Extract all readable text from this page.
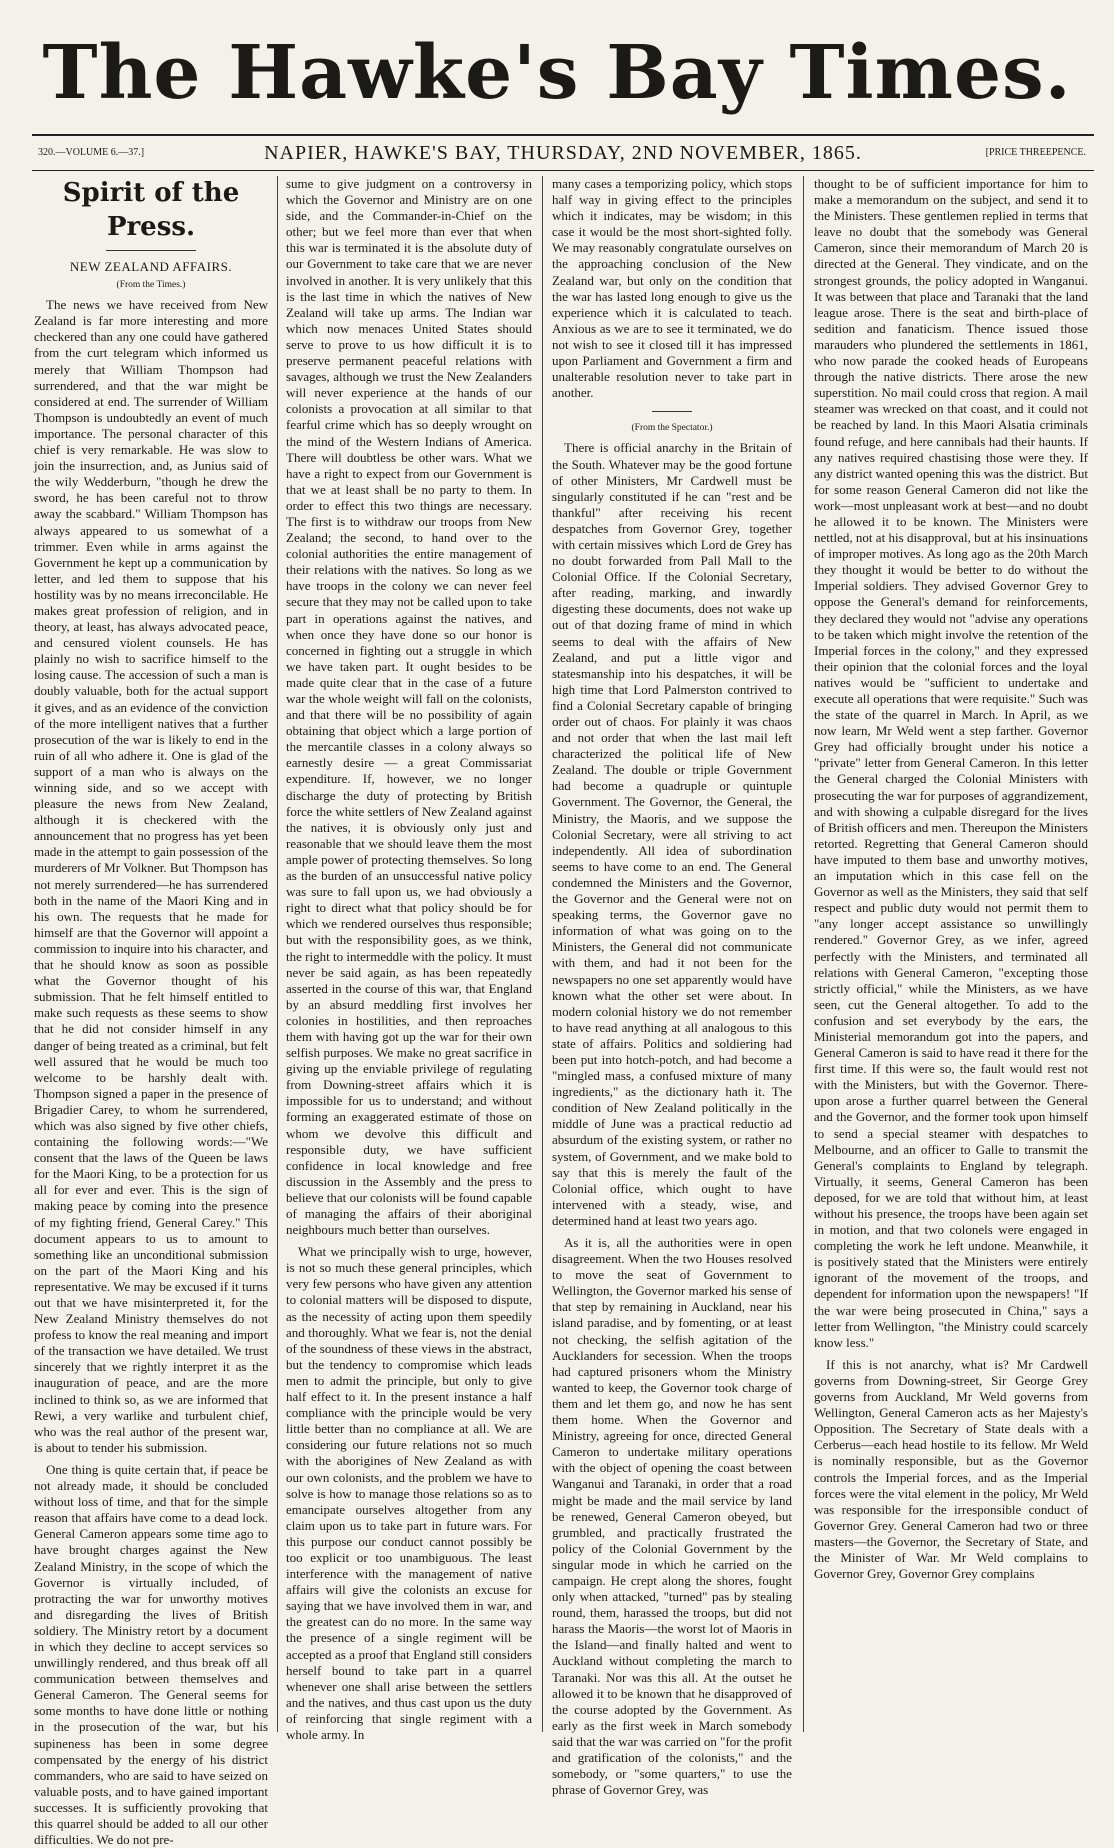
The Hawke's Bay Times.
320.—VOLUME 6.—37.]	NAPIER, HAWKE'S BAY, THURSDAY, 2ND NOVEMBER, 1865.	[PRICE THREEPENCE.
Spirit of the Press.
NEW ZEALAND AFFAIRS.
(From the Times.)

The news we have received from New Zealand is far more interesting and more checkered than any one could have gathered from the curt telegram which informed us merely that William Thompson had surrendered, and that the war might be considered at end. The surrender of William Thompson is undoubtedly an event of much importance. The personal character of this chief is very remarkable. He was slow to join the insurrection, and, as Junius said of the wily Wedderburn, "though he drew the sword, he has been careful not to throw away the scabbard." William Thompson has always appeared to us somewhat of a trimmer. Even while in arms against the Government he kept up a communication by letter, and led them to suppose that his hostility was by no means irreconcilable. He makes great profession of religion, and in theory, at least, has always advocated peace, and censured violent counsels. He has plainly no wish to sacrifice himself to the losing cause. The accession of such a man is doubly valuable, both for the actual support it gives, and as an evidence of the conviction of the more intelligent natives that a further prosecution of the war is likely to end in the ruin of all who adhere it. One is glad of the support of a man who is always on the winning side, and so we accept with pleasure the news from New Zealand, although it is checkered with the announcement that no progress has yet been made in the attempt to gain possession of the murderers of Mr Volkner. But Thompson has not merely surrendered—he has surrendered both in the name of the Maori King and in his own. The requests that he made for himself are that the Governor will appoint a commission to inquire into his character, and that he should know as soon as possible what the Governor thought of his submission. That he felt himself entitled to make such requests as these seems to show that he did not consider himself in any danger of being treated as a criminal, but felt well assured that he would be much too welcome to be harshly dealt with. Thompson signed a paper in the presence of Brigadier Carey, to whom he surrendered, which was also signed by five other chiefs, containing the following words:—"We consent that the laws of the Queen be laws for the Maori King, to be a protection for us all for ever and ever. This is the sign of making peace by coming into the presence of my fighting friend, General Carey." This document appears to us to amount to something like an unconditional submission on the part of the Maori King and his representative. We may be excused if it turns out that we have misinterpreted it, for the New Zealand Ministry themselves do not profess to know the real meaning and import of the transaction we have detailed. We trust sincerely that we rightly interpret it as the inauguration of peace, and are the more inclined to think so, as we are informed that Rewi, a very warlike and turbulent chief, who was the real author of the present war, is about to tender his submission.

One thing is quite certain that, if peace be not already made, it should be concluded without loss of time, and that for the simple reason that affairs have come to a dead lock. General Cameron appears some time ago to have brought charges against the New Zealand Ministry, in the scope of which the Governor is virtually included, of protracting the war for unworthy motives and disregarding the lives of British soldiery. The Ministry retort by a document in which they decline to accept services so unwillingly rendered, and thus break off all communication between themselves and General Cameron. The General seems for some months to have done little or nothing in the prosecution of the war, but his supineness has been in some degree compensated by the energy of his district commanders, who are said to have seized on valuable posts, and to have gained important successes. It is sufficiently provoking that this quarrel should be added to all our other difficulties. We do not pre-

sume to give judgment on a controversy in which the Governor and Ministry are on one side, and the Commander-in-Chief on the other; but we feel more than ever that when this war is terminated it is the absolute duty of our Government to take care that we are never involved in another. It is very unlikely that this is the last time in which the natives of New Zealand will take up arms. The Indian war which now menaces United States should serve to prove to us how difficult it is to preserve permanent peaceful relations with savages, although we trust the New Zealanders will never experience at the hands of our colonists a provocation at all similar to that fearful crime which has so deeply wrought on the mind of the Western Indians of America. There will doubtless be other wars. What we have a right to expect from our Government is that we at least shall be no party to them. In order to effect this two things are necessary. The first is to withdraw our troops from New Zealand; the second, to hand over to the colonial authorities the entire management of their relations with the natives. So long as we have troops in the colony we can never feel secure that they may not be called upon to take part in operations against the natives, and when once they have done so our honor is concerned in fighting out a struggle in which we have taken part. It ought besides to be made quite clear that in the case of a future war the whole weight will fall on the colonists, and that there will be no possibility of again obtaining that object which a large portion of the mercantile classes in a colony always so earnestly desire — a great Commissariat expenditure. If, however, we no longer discharge the duty of protecting by British force the white settlers of New Zealand against the natives, it is obviously only just and reasonable that we should leave them the most ample power of protecting themselves. So long as the burden of an unsuccessful native policy was sure to fall upon us, we had obviously a right to direct what that policy should be for which we rendered ourselves thus responsible; but with the responsibility goes, as we think, the right to intermeddle with the policy. It must never be said again, as has been repeatedly asserted in the course of this war, that England by an absurd meddling first involves her colonies in hostilities, and then reproaches them with having got up the war for their own selfish purposes. We make no great sacrifice in giving up the enviable privilege of regulating from Downing-street affairs which it is impossible for us to understand; and without forming an exaggerated estimate of those on whom we devolve this difficult and responsible duty, we have sufficient confidence in local knowledge and free discussion in the Assembly and the press to believe that our colonists will be found capable of managing the affairs of their aboriginal neighbours much better than ourselves.

What we principally wish to urge, however, is not so much these general principles, which very few persons who have given any attention to colonial matters will be disposed to dispute, as the necessity of acting upon them speedily and thoroughly. What we fear is, not the denial of the soundness of these views in the abstract, but the tendency to compromise which leads men to admit the principle, but only to give half effect to it. In the present instance a half compliance with the principle would be very little better than no compliance at all. We are considering our future relations not so much with the aborigines of New Zealand as with our own colonists, and the problem we have to solve is how to manage those relations so as to emancipate ourselves altogether from any claim upon us to take part in future wars. For this purpose our conduct cannot possibly be too explicit or too unambiguous. The least interference with the management of native affairs will give the colonists an excuse for saying that we have involved them in war, and the greatest can do no more. In the same way the presence of a single regiment will be accepted as a proof that England still considers herself bound to take part in a quarrel whenever one shall arise between the settlers and the natives, and thus cast upon us the duty of reinforcing that single regiment with a whole army. In

many cases a temporizing policy, which stops half way in giving effect to the principles which it indicates, may be wisdom; in this case it would be the most short-sighted folly. We may reasonably congratulate ourselves on the approaching conclusion of the New Zealand war, but only on the condition that the war has lasted long enough to give us the experience which it is calculated to teach. Anxious as we are to see it terminated, we do not wish to see it closed till it has impressed upon Parliament and Government a firm and unalterable resolution never to take part in another.

(From the Spectator.)

There is official anarchy in the Britain of the South. Whatever may be the good fortune of other Ministers, Mr Cardwell must be singularly constituted if he can "rest and be thankful" after receiving his recent despatches from Governor Grey, together with certain missives which Lord de Grey has no doubt forwarded from Pall Mall to the Colonial Office. If the Colonial Secretary, after reading, marking, and inwardly digesting these documents, does not wake up out of that dozing frame of mind in which seems to deal with the affairs of New Zealand, and put a little vigor and statesmanship into his despatches, it will be high time that Lord Palmerston contrived to find a Colonial Secretary capable of bringing order out of chaos. For plainly it was chaos and not order that when the last mail left characterized the political life of New Zealand. The double or triple Government had become a quadruple or quintuple Government. The Governor, the General, the Ministry, the Maoris, and we suppose the Colonial Secretary, were all striving to act independently. All idea of subordination seems to have come to an end. The General condemned the Ministers and the Governor, the Governor and the General were not on speaking terms, the Governor gave no information of what was going on to the Ministers, the General did not communicate with them, and had it not been for the newspapers no one set apparently would have known what the other set were about. In modern colonial history we do not remember to have read anything at all analogous to this state of affairs. Politics and soldiering had been put into hotch-potch, and had become a "mingled mass, a confused mixture of many ingredients," as the dictionary hath it. The condition of New Zealand politically in the middle of June was a practical reductio ad absurdum of the existing system, or rather no system, of Government, and we make bold to say that this is merely the fault of the Colonial office, which ought to have intervened with a steady, wise, and determined hand at least two years ago.

As it is, all the authorities were in open disagreement. When the two Houses resolved to move the seat of Government to Wellington, the Governor marked his sense of that step by remaining in Auckland, near his island paradise, and by fomenting, or at least not checking, the selfish agitation of the Aucklanders for secession. When the troops had captured prisoners whom the Ministry wanted to keep, the Governor took charge of them and let them go, and now he has sent them home. When the Governor and Ministry, agreeing for once, directed General Cameron to undertake military operations with the object of opening the coast between Wanganui and Taranaki, in order that a road might be made and the mail service by land be renewed, General Cameron obeyed, but grumbled, and practically frustrated the policy of the Colonial Government by the singular mode in which he carried on the campaign. He crept along the shores, fought only when attacked, "turned" pas by stealing round, them, harassed the troops, but did not harass the Maoris—the worst lot of Maoris in the Island—and finally halted and went to Auckland without completing the march to Taranaki. Nor was this all. At the outset he allowed it to be known that he disapproved of the course adopted by the Government. As early as the first week in March somebody said that the war was carried on "for the profit and gratification of the colonists," and the somebody, or "some quarters," to use the phrase of Governor Grey, was

thought to be of sufficient importance for him to make a memorandum on the subject, and send it to the Ministers. These gentlemen replied in terms that leave no doubt that the somebody was General Cameron, since their memorandum of March 20 is directed at the General. They vindicate, and on the strongest grounds, the policy adopted in Wanganui. It was between that place and Taranaki that the land league arose. There is the seat and birth-place of sedition and fanaticism. Thence issued those marauders who plundered the settlements in 1861, who now parade the cooked heads of Europeans through the native districts. There arose the new superstition. No mail could cross that region. A mail steamer was wrecked on that coast, and it could not be reached by land. In this Maori Alsatia criminals found refuge, and here cannibals had their haunts. If any natives required chastising those were they. If any district wanted opening this was the district. But for some reason General Cameron did not like the work—most unpleasant work at best—and no doubt he allowed it to be known. The Ministers were nettled, not at his disapproval, but at his insinuations of improper motives. As long ago as the 20th March they thought it would be better to do without the Imperial soldiers. They advised Governor Grey to oppose the General's demand for reinforcements, they declared they would not "advise any operations to be taken which might involve the retention of the Imperial forces in the colony," and they expressed their opinion that the colonial forces and the loyal natives would be "sufficient to undertake and execute all operations that were requisite." Such was the state of the quarrel in March. In April, as we now learn, Mr Weld went a step farther. Governor Grey had officially brought under his notice a "private" letter from General Cameron. In this letter the General charged the Colonial Ministers with prosecuting the war for purposes of aggrandizement, and with showing a culpable disregard for the lives of British officers and men. Thereupon the Ministers retorted. Regretting that General Cameron should have imputed to them base and unworthy motives, an imputation which in this case fell on the Governor as well as the Ministers, they said that self respect and public duty would not permit them to "any longer accept assistance so unwillingly rendered." Governor Grey, as we infer, agreed perfectly with the Ministers, and terminated all relations with General Cameron, "excepting those strictly official," while the Ministers, as we have seen, cut the General altogether. To add to the confusion and set everybody by the ears, the Ministerial memorandum got into the papers, and General Cameron is said to have read it there for the first time. If this were so, the fault would rest not with the Ministers, but with the Governor. There-upon arose a further quarrel between the General and the Governor, and the former took upon himself to send a special steamer with despatches to Melbourne, and an officer to Galle to transmit the General's complaints to England by telegraph. Virtually, it seems, General Cameron has been deposed, for we are told that without him, at least without his presence, the troops have been again set in motion, and that two colonels were engaged in completing the work he left undone. Meanwhile, it is positively stated that the Ministers were entirely ignorant of the movement of the troops, and dependent for information upon the newspapers! "If the war were being prosecuted in China," says a letter from Wellington, "the Ministry could scarcely know less."

If this is not anarchy, what is? Mr Cardwell governs from Downing-street, Sir George Grey governs from Auckland, Mr Weld governs from Wellington, General Cameron acts as her Majesty's Opposition. The Secretary of State deals with a Cerberus—each head hostile to its fellow. Mr Weld is nominally responsible, but as the Governor controls the Imperial forces, and as the Imperial forces were the vital element in the policy, Mr Weld was responsible for the irresponsible conduct of Governor Grey. General Cameron had two or three masters—the Governor, the Secretary of State, and the Minister of War. Mr Weld complains to Governor Grey, Governor Grey complains
